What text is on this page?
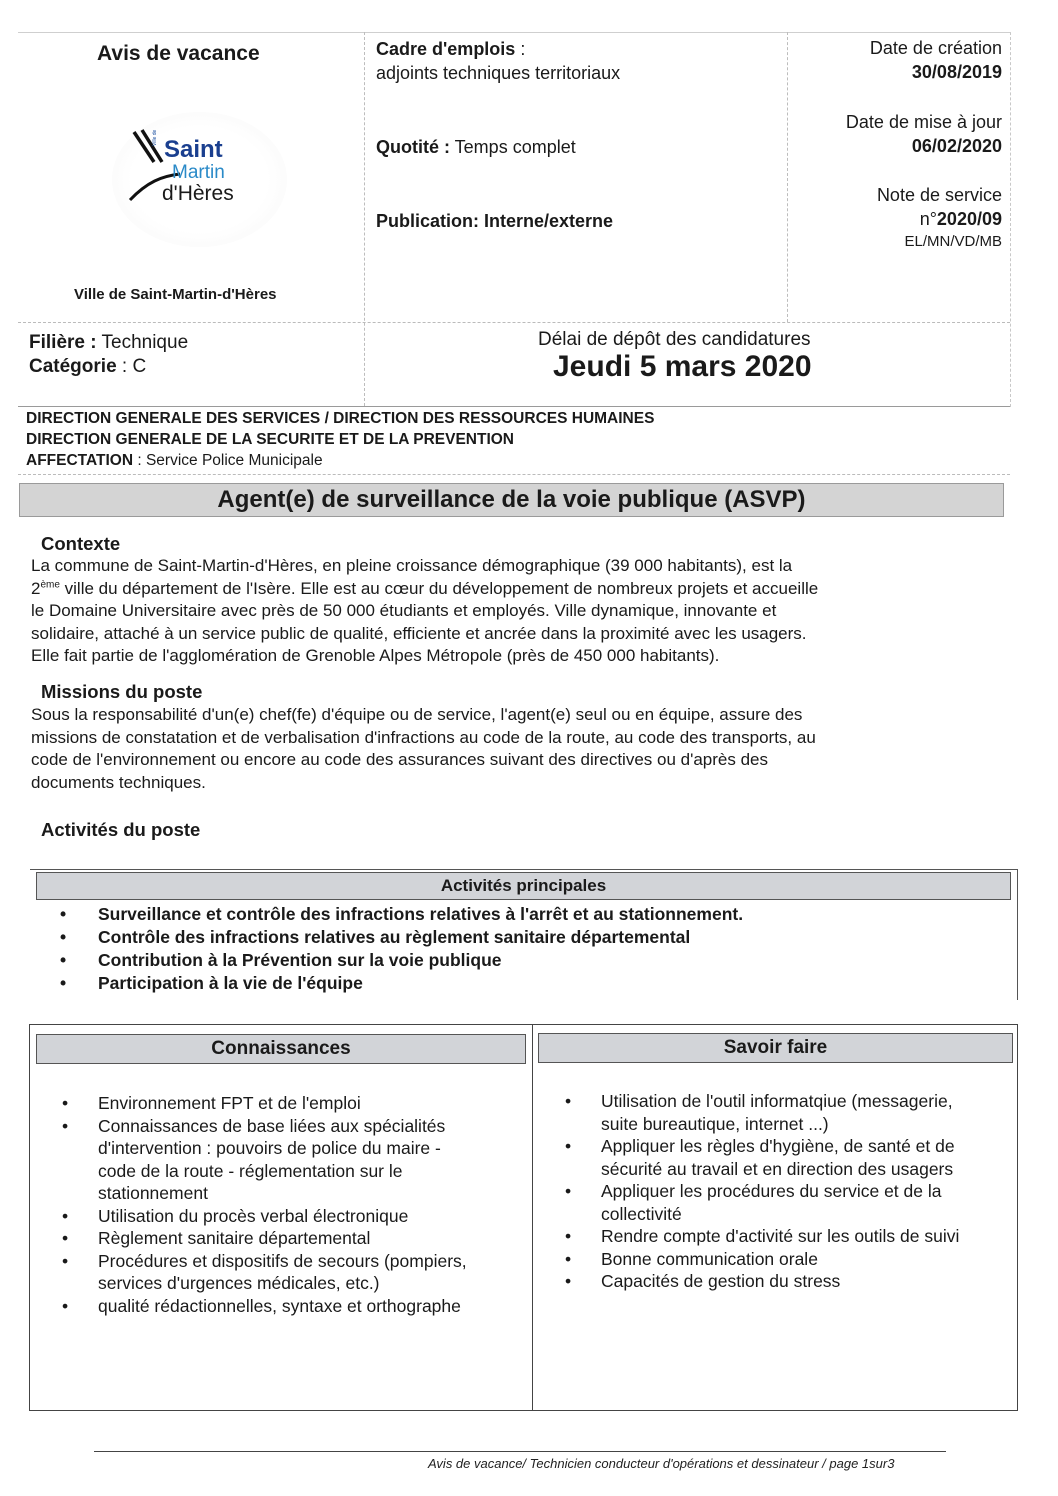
Avis de vacance
Ville de Saint
Martin
d'Hères
Ville de Saint-Martin-d'Hères
Cadre d'emplois :
adjoints techniques territoriaux
Quotité : Temps complet
Publication: Interne/externe
Date de création
30/08/2019
Date de mise à jour
06/02/2020
Note de service
n°2020/09
EL/MN/VD/MB
Filière : Technique
Catégorie : C
Délai de dépôt des candidatures
Jeudi 5 mars 2020
DIRECTION GENERALE DES SERVICES / DIRECTION DES RESSOURCES HUMAINES
DIRECTION GENERALE DE LA SECURITE ET DE LA PREVENTION
AFFECTATION : Service Police Municipale
Agent(e) de surveillance de la voie publique (ASVP)
Contexte
La commune de Saint-Martin-d'Hères, en pleine croissance démographique (39 000 habitants), est la
2ème ville du département de l'Isère. Elle est au cœur du développement de nombreux projets et accueille
le Domaine Universitaire avec près de 50 000 étudiants et employés. Ville dynamique, innovante et
solidaire, attaché à un service public de qualité, efficiente et ancrée dans la proximité avec les usagers.
Elle fait partie de l'agglomération de Grenoble Alpes Métropole (près de 450 000 habitants).
Missions du poste
Sous la responsabilité d'un(e) chef(fe) d'équipe ou de service, l'agent(e) seul ou en équipe, assure des
missions de constatation et de verbalisation d'infractions au code de la route, au code des transports, au
code de l'environnement ou encore au code des assurances suivant des directives ou d'après des
documents techniques.
Activités du poste
Activités principales
• Surveillance et contrôle des infractions relatives à l'arrêt et au stationnement.
• Contrôle des infractions relatives au règlement sanitaire départemental
• Contribution à la Prévention sur la voie publique
• Participation à la vie de l'équipe
Connaissances	Savoir faire
•	Environnement FPT et de l'emploi
•	Connaissances de base liées aux spécialités
d'intervention : pouvoirs de police du maire -
code de la route - réglementation sur le
stationnement
•	Utilisation du procès verbal électronique
•	Règlement sanitaire départemental
•	Procédures et dispositifs de secours (pompiers,
services d'urgences médicales, etc.)
•	qualité rédactionnelles, syntaxe et orthographe
•	Utilisation de l'outil informatqiue (messagerie,
suite bureautique, internet ...)
•	Appliquer les règles d'hygiène, de santé et de
sécurité au travail et en direction des usagers
•	Appliquer les procédures du service et de la
collectivité
•	Rendre compte d'activité sur les outils de suivi
•	Bonne communication orale
•	Capacités de gestion du stress
Avis de vacance/ Technicien conducteur d'opérations et dessinateur / page 1sur3
